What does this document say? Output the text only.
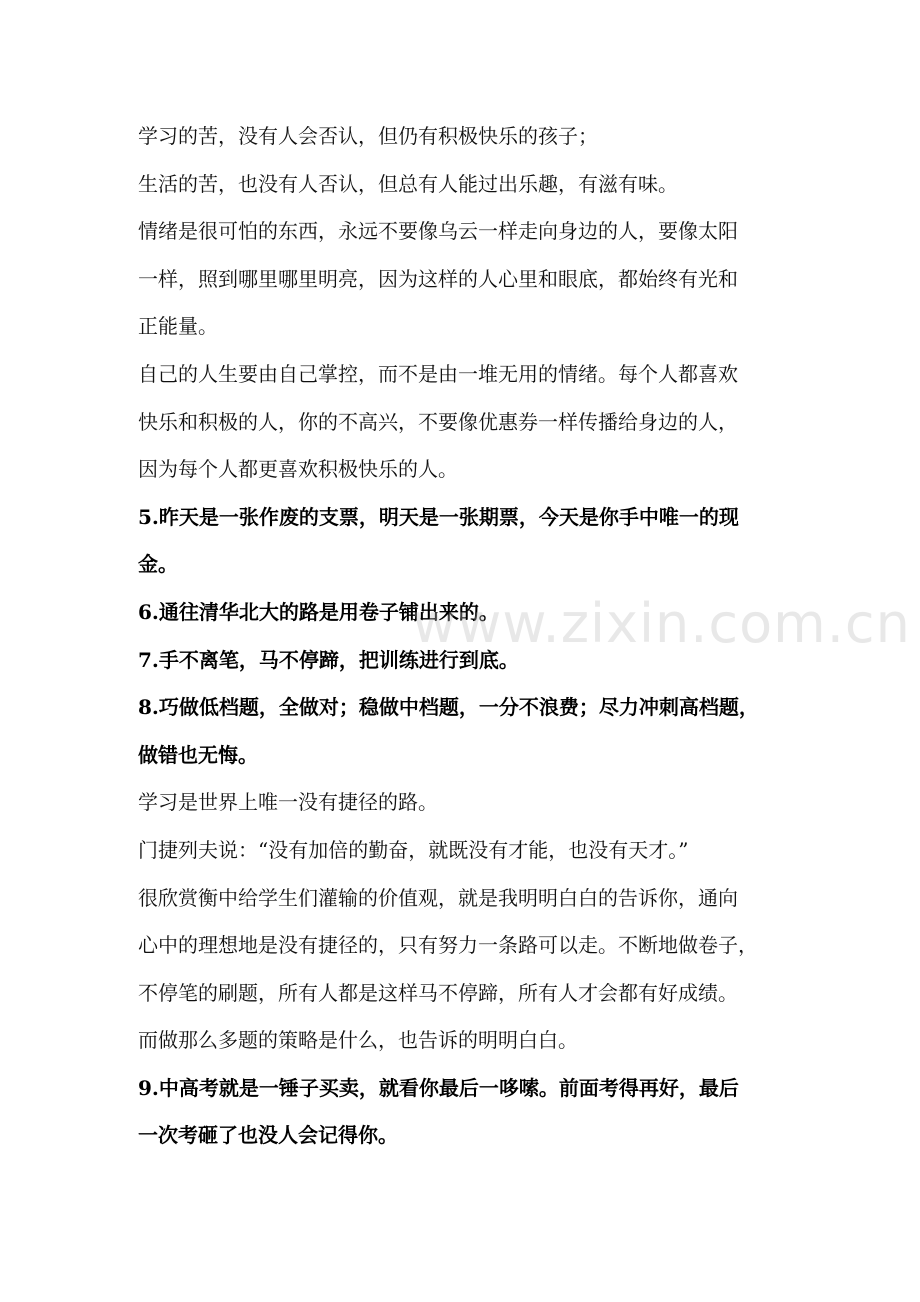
学习的苦，没有人会否认，但仍有积极快乐的孩子；
生活的苦，也没有人否认，但总有人能过出乐趣，有滋有味。
情绪是很可怕的东西，永远不要像乌云一样走向身边的人，要像太阳
一样，照到哪里哪里明亮，因为这样的人心里和眼底，都始终有光和
正能量。
自己的人生要由自己掌控，而不是由一堆无用的情绪。每个人都喜欢
快乐和积极的人，你的不高兴，不要像优惠券一样传播给身边的人，
因为每个人都更喜欢积极快乐的人。
5.昨天是一张作废的支票，明天是一张期票，今天是你手中唯一的现
金。
6.通往清华北大的路是用卷子铺出来的。
7.手不离笔，马不停蹄，把训练进行到底。
8.巧做低档题，全做对；稳做中档题，一分不浪费；尽力冲刺高档题，
做错也无悔。
学习是世界上唯一没有捷径的路。
门捷列夫说：“没有加倍的勤奋，就既没有才能，也没有天才。”
很欣赏衡中给学生们灌输的价值观，就是我明明白白的告诉你，通向
心中的理想地是没有捷径的，只有努力一条路可以走。不断地做卷子，
不停笔的刷题，所有人都是这样马不停蹄，所有人才会都有好成绩。
而做那么多题的策略是什么，也告诉的明明白白。
9.中高考就是一锤子买卖，就看你最后一哆嗦。前面考得再好，最后
一次考砸了也没人会记得你。
www.zixin.com.cn
